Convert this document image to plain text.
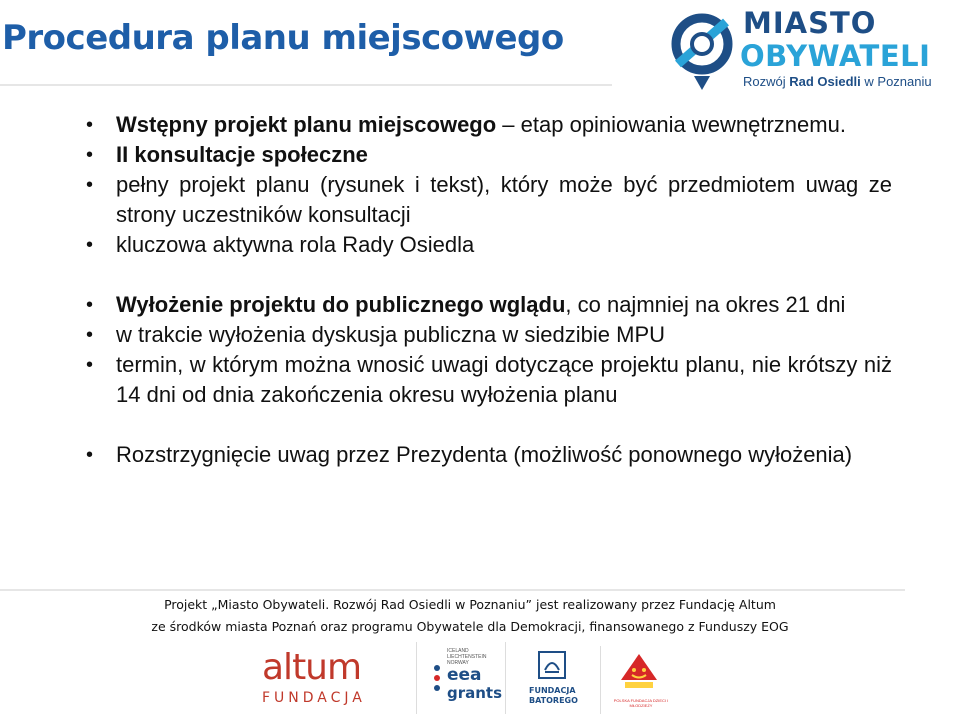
Procedura planu miejscowego	MIASTO
OBYWATELI
Rozwój Rad Osiedli w Poznaniu
• Wstępny projekt planu miejscowego – etap opiniowania wewnętrznemu.
• II konsultacje społeczne
• pełny projekt planu (rysunek i tekst), który może być przedmiotem uwag ze strony uczestników konsultacji
• kluczowa aktywna rola Rady Osiedla
• Wyłożenie projektu do publicznego wglądu, co najmniej na okres 21 dni
• w trakcie wyłożenia dyskusja publiczna w siedzibie MPU
• termin, w którym można wnosić uwagi dotyczące projektu planu, nie krótszy niż 14 dni od dnia zakończenia okresu wyłożenia planu
• Rozstrzygnięcie uwag przez Prezydenta (możliwość ponownego wyłożenia)
Projekt „Miasto Obywateli. Rozwój Rad Osiedli w Poznaniu” jest realizowany przez Fundację Altum
ze środków miasta Poznań oraz programu Obywatele dla Demokracji, finansowanego z Funduszy EOG
altum
FUNDACJA
ICELAND LIECHTENSTEIN NORWAY
eea
grants	FUNDACJA
BATOREGO	POLSKA FUNDACJA DZIECI I MŁODZIEŻY
